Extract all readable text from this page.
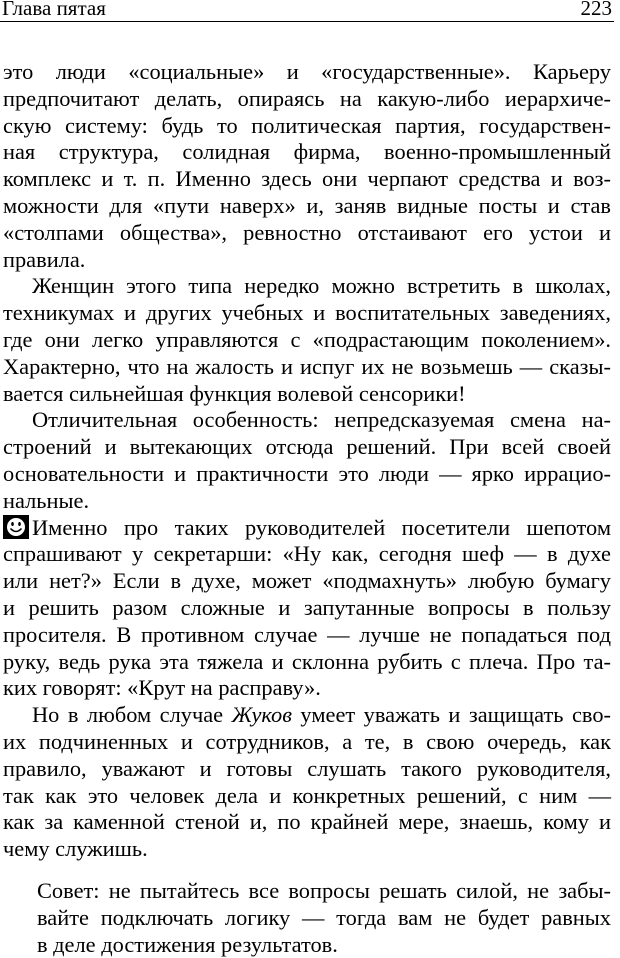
Глава пятая	223

это люди «социальные» и «государственные». Карьеру
предпочитают делать, опираясь на какую-либо иерархиче-
скую систему: будь то политическая партия, государствен-
ная структура, солидная фирма, военно-промышленный
комплекс и т. п. Именно здесь они черпают средства и воз-
можности для «пути наверх» и, заняв видные посты и став
«столпами общества», ревностно отстаивают его устои и
правила.

Женщин этого типа нередко можно встретить в школах,
техникумах и других учебных и воспитательных заведениях,
где они легко управляются с «подрастающим поколением».
Характерно, что на жалость и испуг их не возьмешь — сказы-
вается сильнейшая функция волевой сенсорики!

Отличительная особенность: непредсказуемая смена на-
строений и вытекающих отсюда решений. При всей своей
основательности и практичности это люди — ярко иррацио-
нальные.

Именно про таких руководителей посетители шепотом
спрашивают у секретарши: «Ну как, сегодня шеф — в духе
или нет?» Если в духе, может «подмахнуть» любую бумагу
и решить разом сложные и запутанные вопросы в пользу
просителя. В противном случае — лучше не попадаться под
руку, ведь рука эта тяжела и склонна рубить с плеча. Про та-
ких говорят: «Крут на расправу».

Но в любом случае Жуков умеет уважать и защищать сво-
их подчиненных и сотрудников, а те, в свою очередь, как
правило, уважают и готовы слушать такого руководителя,
так как это человек дела и конкретных решений, с ним —
как за каменной стеной и, по крайней мере, знаешь, кому и
чему служишь.

Совет: не пытайтесь все вопросы решать силой, не забы-
вайте подключать логику — тогда вам не будет равных
в деле достижения результатов.
